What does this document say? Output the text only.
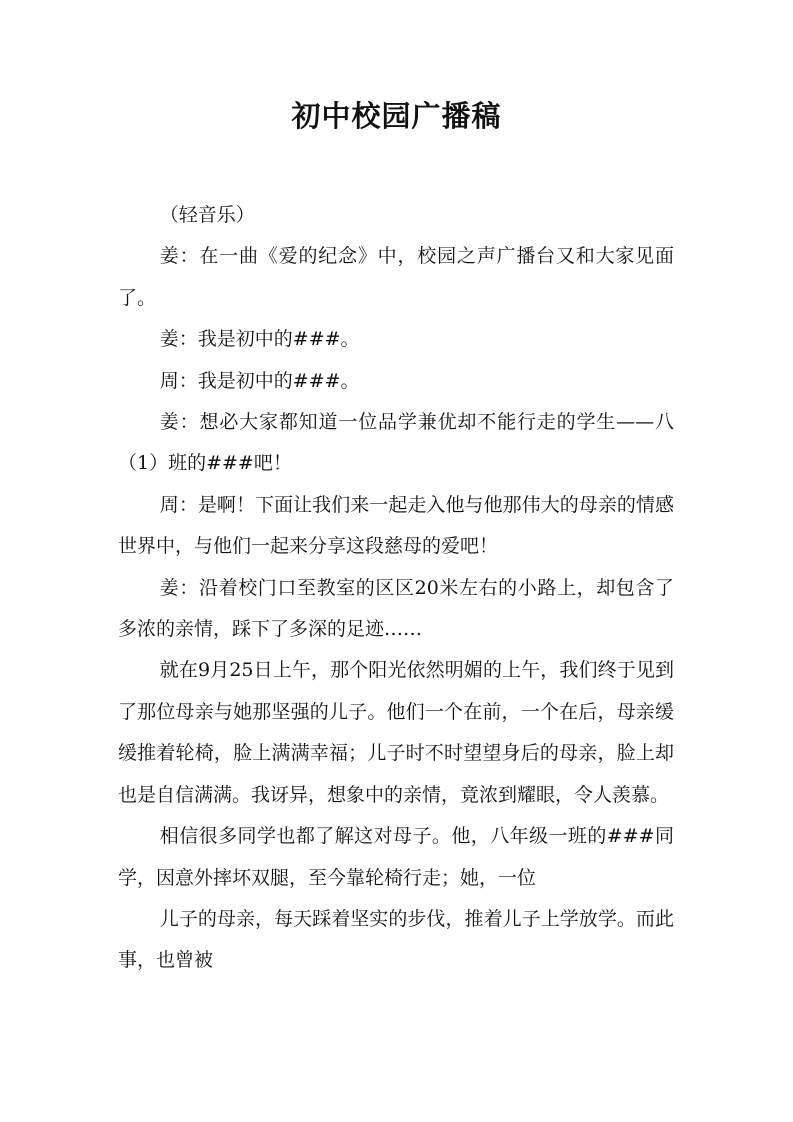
初中校园广播稿

（轻音乐）

姜：在一曲《爱的纪念》中，校园之声广播台又和大家见面了。

姜：我是初中的###。

周：我是初中的###。

姜：想必大家都知道一位品学兼优却不能行走的学生——八（1）班的###吧！

周：是啊！下面让我们来一起走入他与他那伟大的母亲的情感世界中，与他们一起来分享这段慈母的爱吧！

姜：沿着校门口至教室的区区20米左右的小路上，却包含了多浓的亲情，踩下了多深的足迹……

就在9月25日上午，那个阳光依然明媚的上午，我们终于见到了那位母亲与她那坚强的儿子。他们一个在前，一个在后，母亲缓缓推着轮椅，脸上满满幸福；儿子时不时望望身后的母亲，脸上却也是自信满满。我讶异，想象中的亲情，竟浓到耀眼，令人羡慕。

相信很多同学也都了解这对母子。他，八年级一班的###同学，因意外摔坏双腿，至今靠轮椅行走；她，一位

儿子的母亲，每天踩着坚实的步伐，推着儿子上学放学。而此事，也曾被
